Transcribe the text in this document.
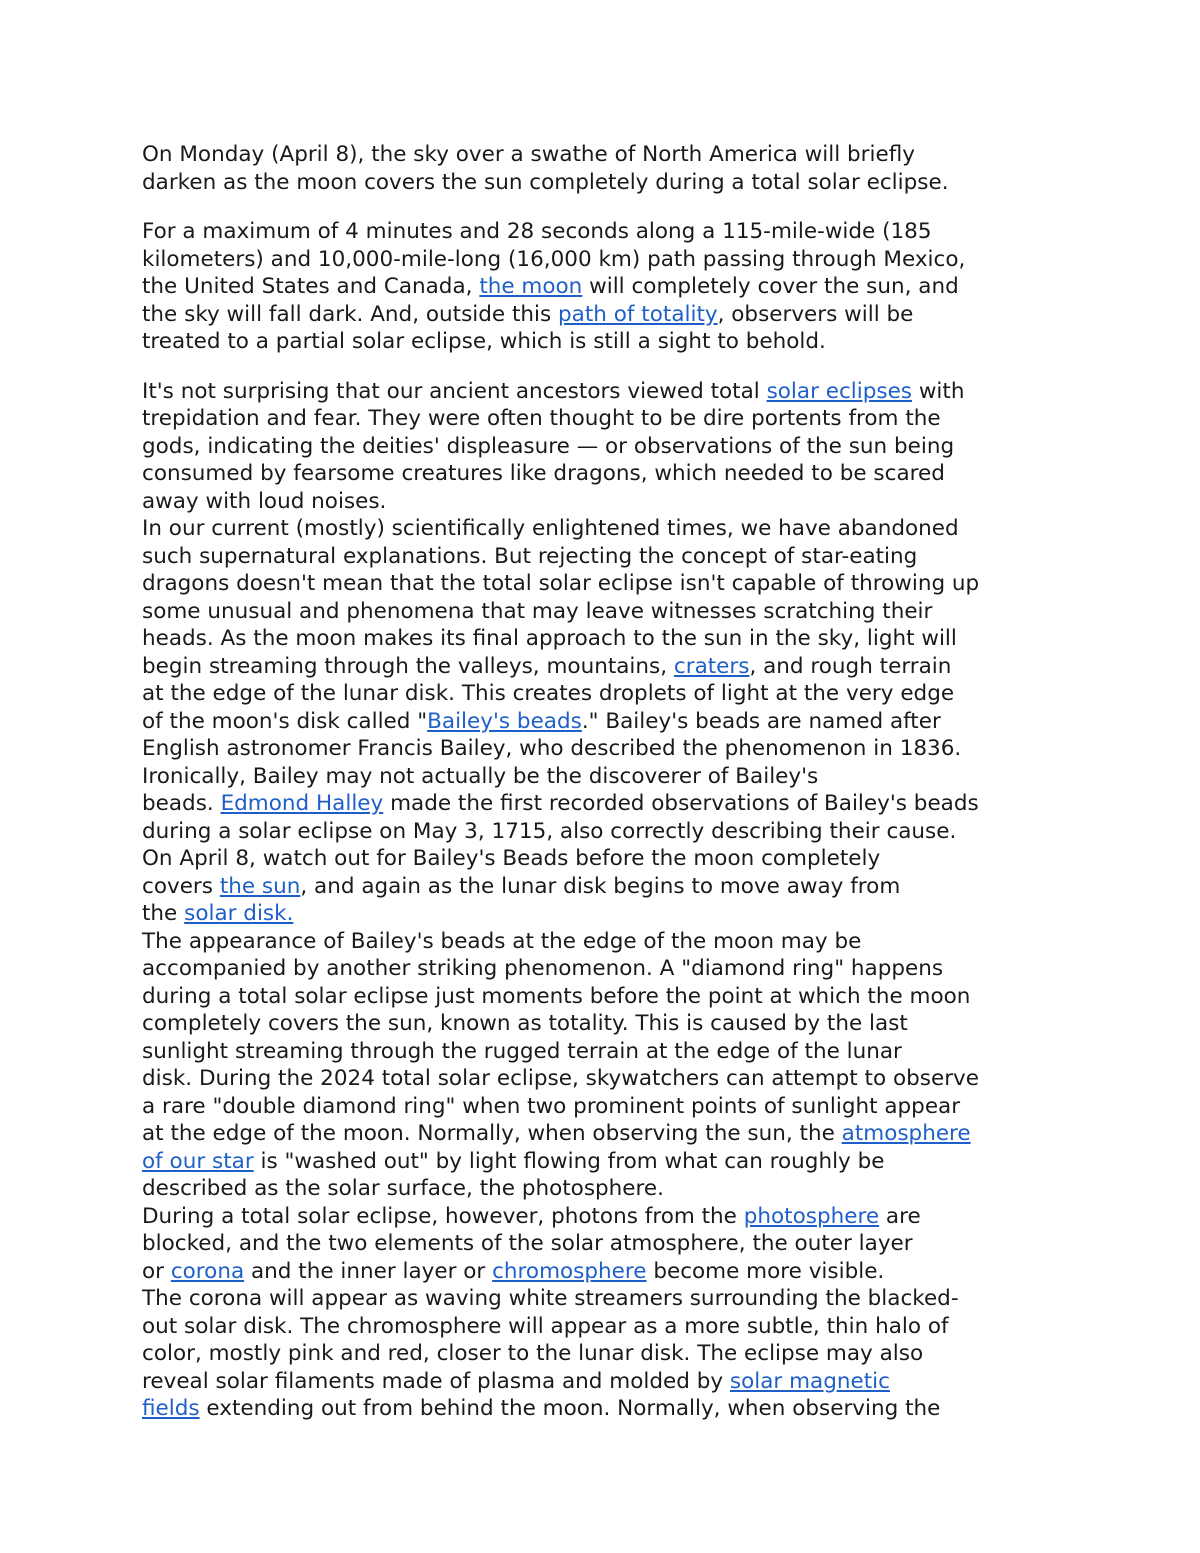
On Monday (April 8), the sky over a swathe of North America will briefly
darken as the moon covers the sun completely during a total solar eclipse.

For a maximum of 4 minutes and 28 seconds along a 115-mile-wide (185
kilometers) and 10,000-mile-long (16,000 km) path passing through Mexico,
the United States and Canada, the moon will completely cover the sun, and
the sky will fall dark. And, outside this path of totality, observers will be
treated to a partial solar eclipse, which is still a sight to behold.

It's not surprising that our ancient ancestors viewed total solar eclipses with
trepidation and fear. They were often thought to be dire portents from the
gods, indicating the deities' displeasure — or observations of the sun being
consumed by fearsome creatures like dragons, which needed to be scared
away with loud noises.

In our current (mostly) scientifically enlightened times, we have abandoned
such supernatural explanations. But rejecting the concept of star-eating
dragons doesn't mean that the total solar eclipse isn't capable of throwing up
some unusual and phenomena that may leave witnesses scratching their
heads. As the moon makes its final approach to the sun in the sky, light will
begin streaming through the valleys, mountains, craters, and rough terrain
at the edge of the lunar disk. This creates droplets of light at the very edge
of the moon's disk called "Bailey's beads." Bailey's beads are named after
English astronomer Francis Bailey, who described the phenomenon in 1836.
Ironically, Bailey may not actually be the discoverer of Bailey's
beads. Edmond Halley made the first recorded observations of Bailey's beads
during a solar eclipse on May 3, 1715, also correctly describing their cause.

On April 8, watch out for Bailey's Beads before the moon completely
covers the sun, and again as the lunar disk begins to move away from
the solar disk.

The appearance of Bailey's beads at the edge of the moon may be
accompanied by another striking phenomenon. A "diamond ring" happens
during a total solar eclipse just moments before the point at which the moon
completely covers the sun, known as totality. This is caused by the last
sunlight streaming through the rugged terrain at the edge of the lunar
disk. During the 2024 total solar eclipse, skywatchers can attempt to observe
a rare "double diamond ring" when two prominent points of sunlight appear
at the edge of the moon. Normally, when observing the sun, the atmosphere
of our star is "washed out" by light flowing from what can roughly be
described as the solar surface, the photosphere.

During a total solar eclipse, however, photons from the photosphere are
blocked, and the two elements of the solar atmosphere, the outer layer
or corona and the inner layer or chromosphere become more visible.

The corona will appear as waving white streamers surrounding the blacked-
out solar disk. The chromosphere will appear as a more subtle, thin halo of
color, mostly pink and red, closer to the lunar disk. The eclipse may also
reveal solar filaments made of plasma and molded by solar magnetic
fields extending out from behind the moon. Normally, when observing the
